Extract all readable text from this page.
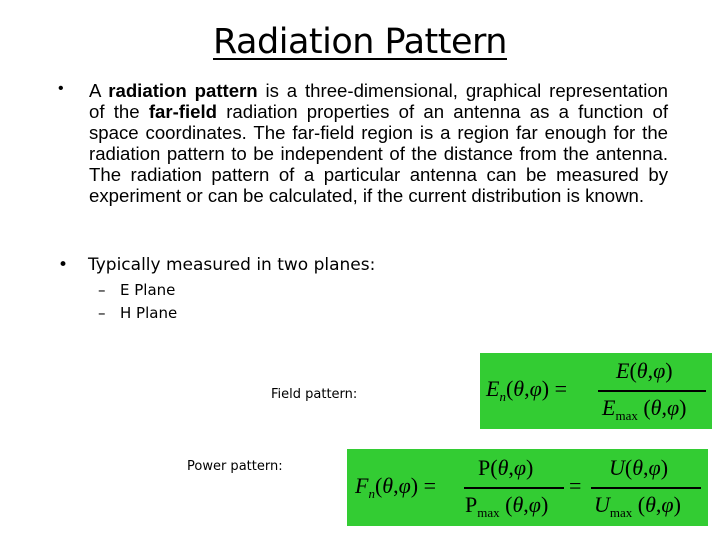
Radiation Pattern
• A radiation pattern is a three-dimensional, graphical representation of the far-field radiation properties of an antenna as a function of space coordinates. The far-field region is a region far enough for the radiation pattern to be independent of the distance from the antenna. The radiation pattern of a particular antenna can be measured by experiment or can be calculated, if the current distribution is known.
• Typically measured in two planes:
– E Plane
– H Plane
Field pattern:
Power pattern:
$E_n(\theta,\varphi)$ =
E(θ,φ)
$E_{max}$ (θ,φ)
$F_n(\theta,\varphi)$ =
P(θ,φ)
$P_{max}$ (θ,φ)
=
U(θ,φ)
$U_{max}$ (θ,φ)
